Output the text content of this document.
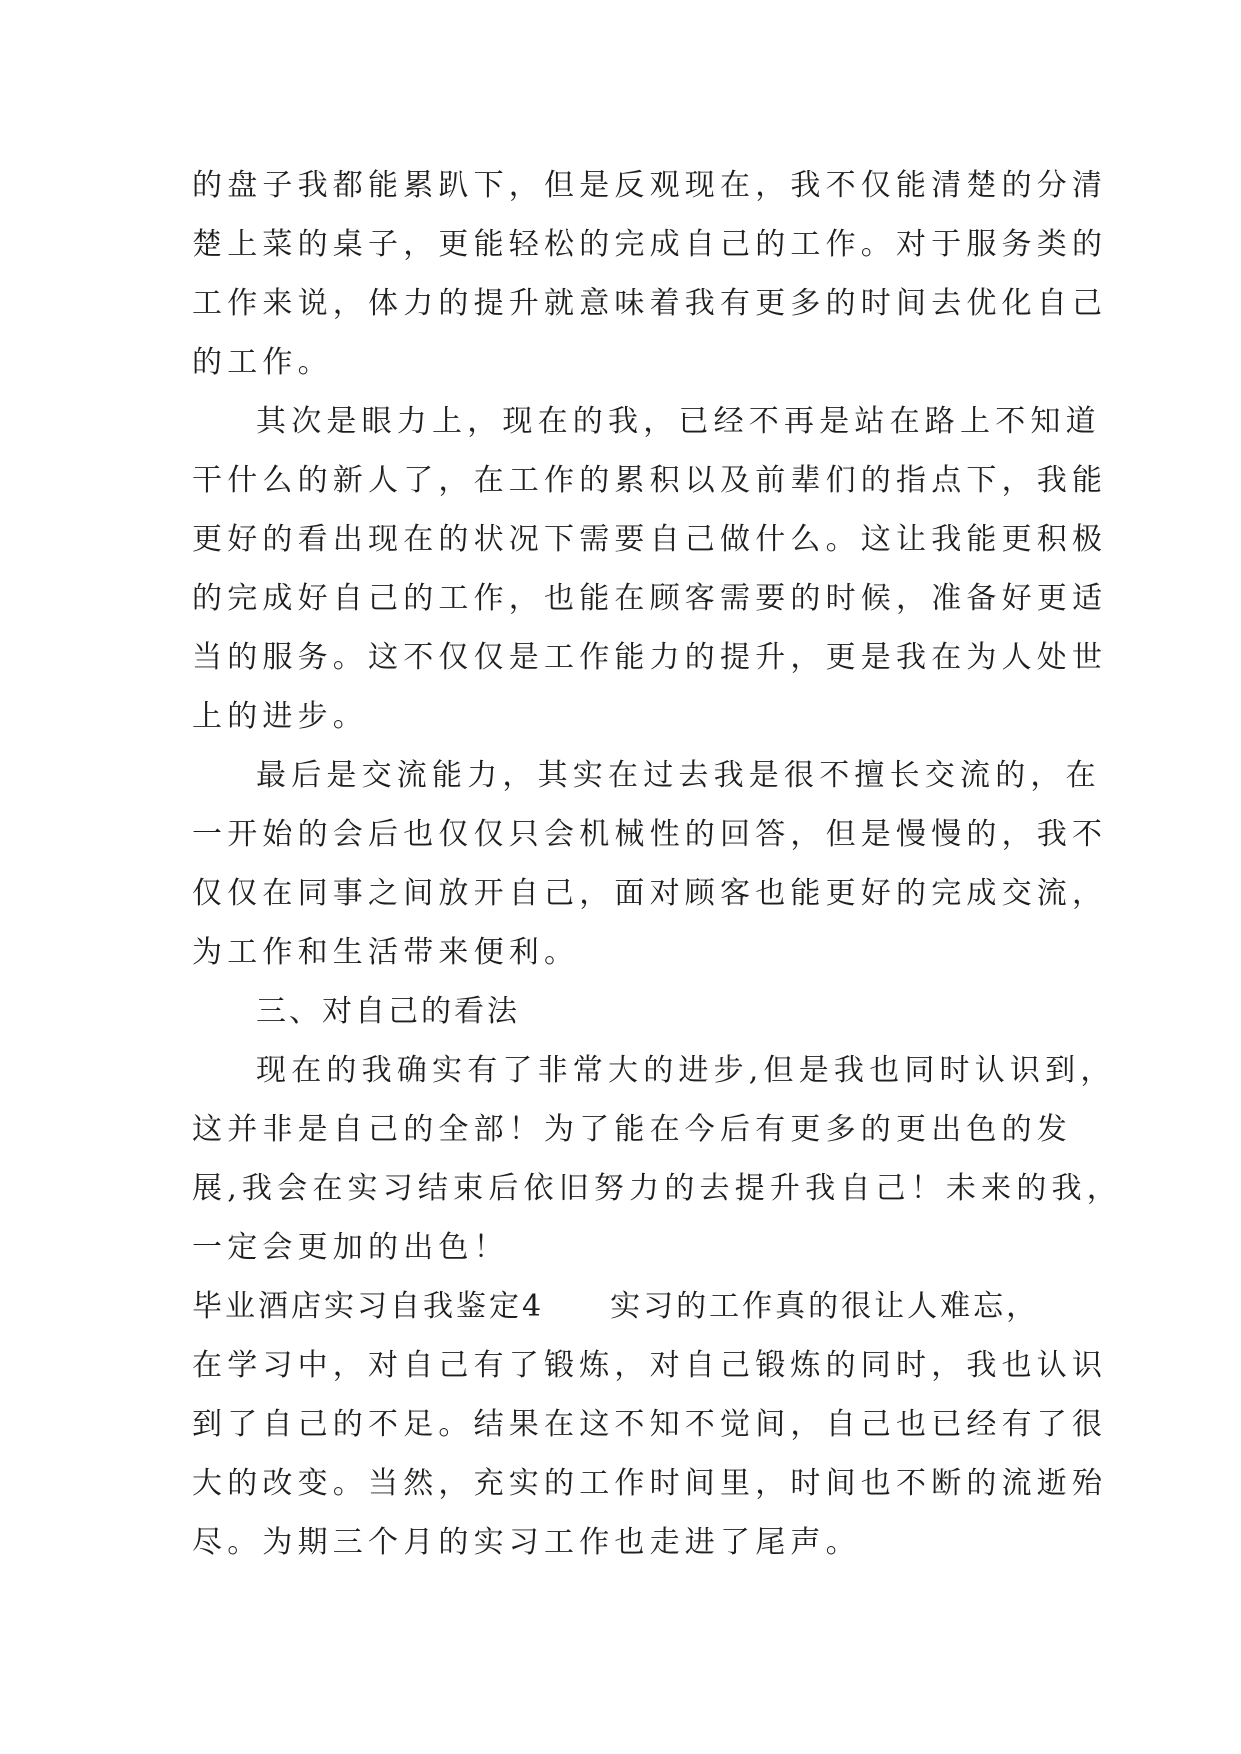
的盘子我都能累趴下，但是反观现在，我不仅能清楚的分清
楚上菜的桌子，更能轻松的完成自己的工作。对于服务类的
工作来说，体力的提升就意味着我有更多的时间去优化自己
的工作。
其次是眼力上，现在的我，已经不再是站在路上不知道
干什么的新人了，在工作的累积以及前辈们的指点下，我能
更好的看出现在的状况下需要自己做什么。这让我能更积极
的完成好自己的工作，也能在顾客需要的时候，准备好更适
当的服务。这不仅仅是工作能力的提升，更是我在为人处世
上的进步。
最后是交流能力，其实在过去我是很不擅长交流的，在
一开始的会后也仅仅只会机械性的回答，但是慢慢的，我不
仅仅在同事之间放开自己，面对顾客也能更好的完成交流，
为工作和生活带来便利。
三、对自己的看法
现在的我确实有了非常大的进步,但是我也同时认识到，
这并非是自己的全部！为了能在今后有更多的更出色的发
展,我会在实习结束后依旧努力的去提升我自己！未来的我，
一定会更加的出色！
毕业酒店实习自我鉴定4　　实习的工作真的很让人难忘，
在学习中，对自己有了锻炼，对自己锻炼的同时，我也认识
到了自己的不足。结果在这不知不觉间，自己也已经有了很
大的改变。当然，充实的工作时间里，时间也不断的流逝殆
尽。为期三个月的实习工作也走进了尾声。
